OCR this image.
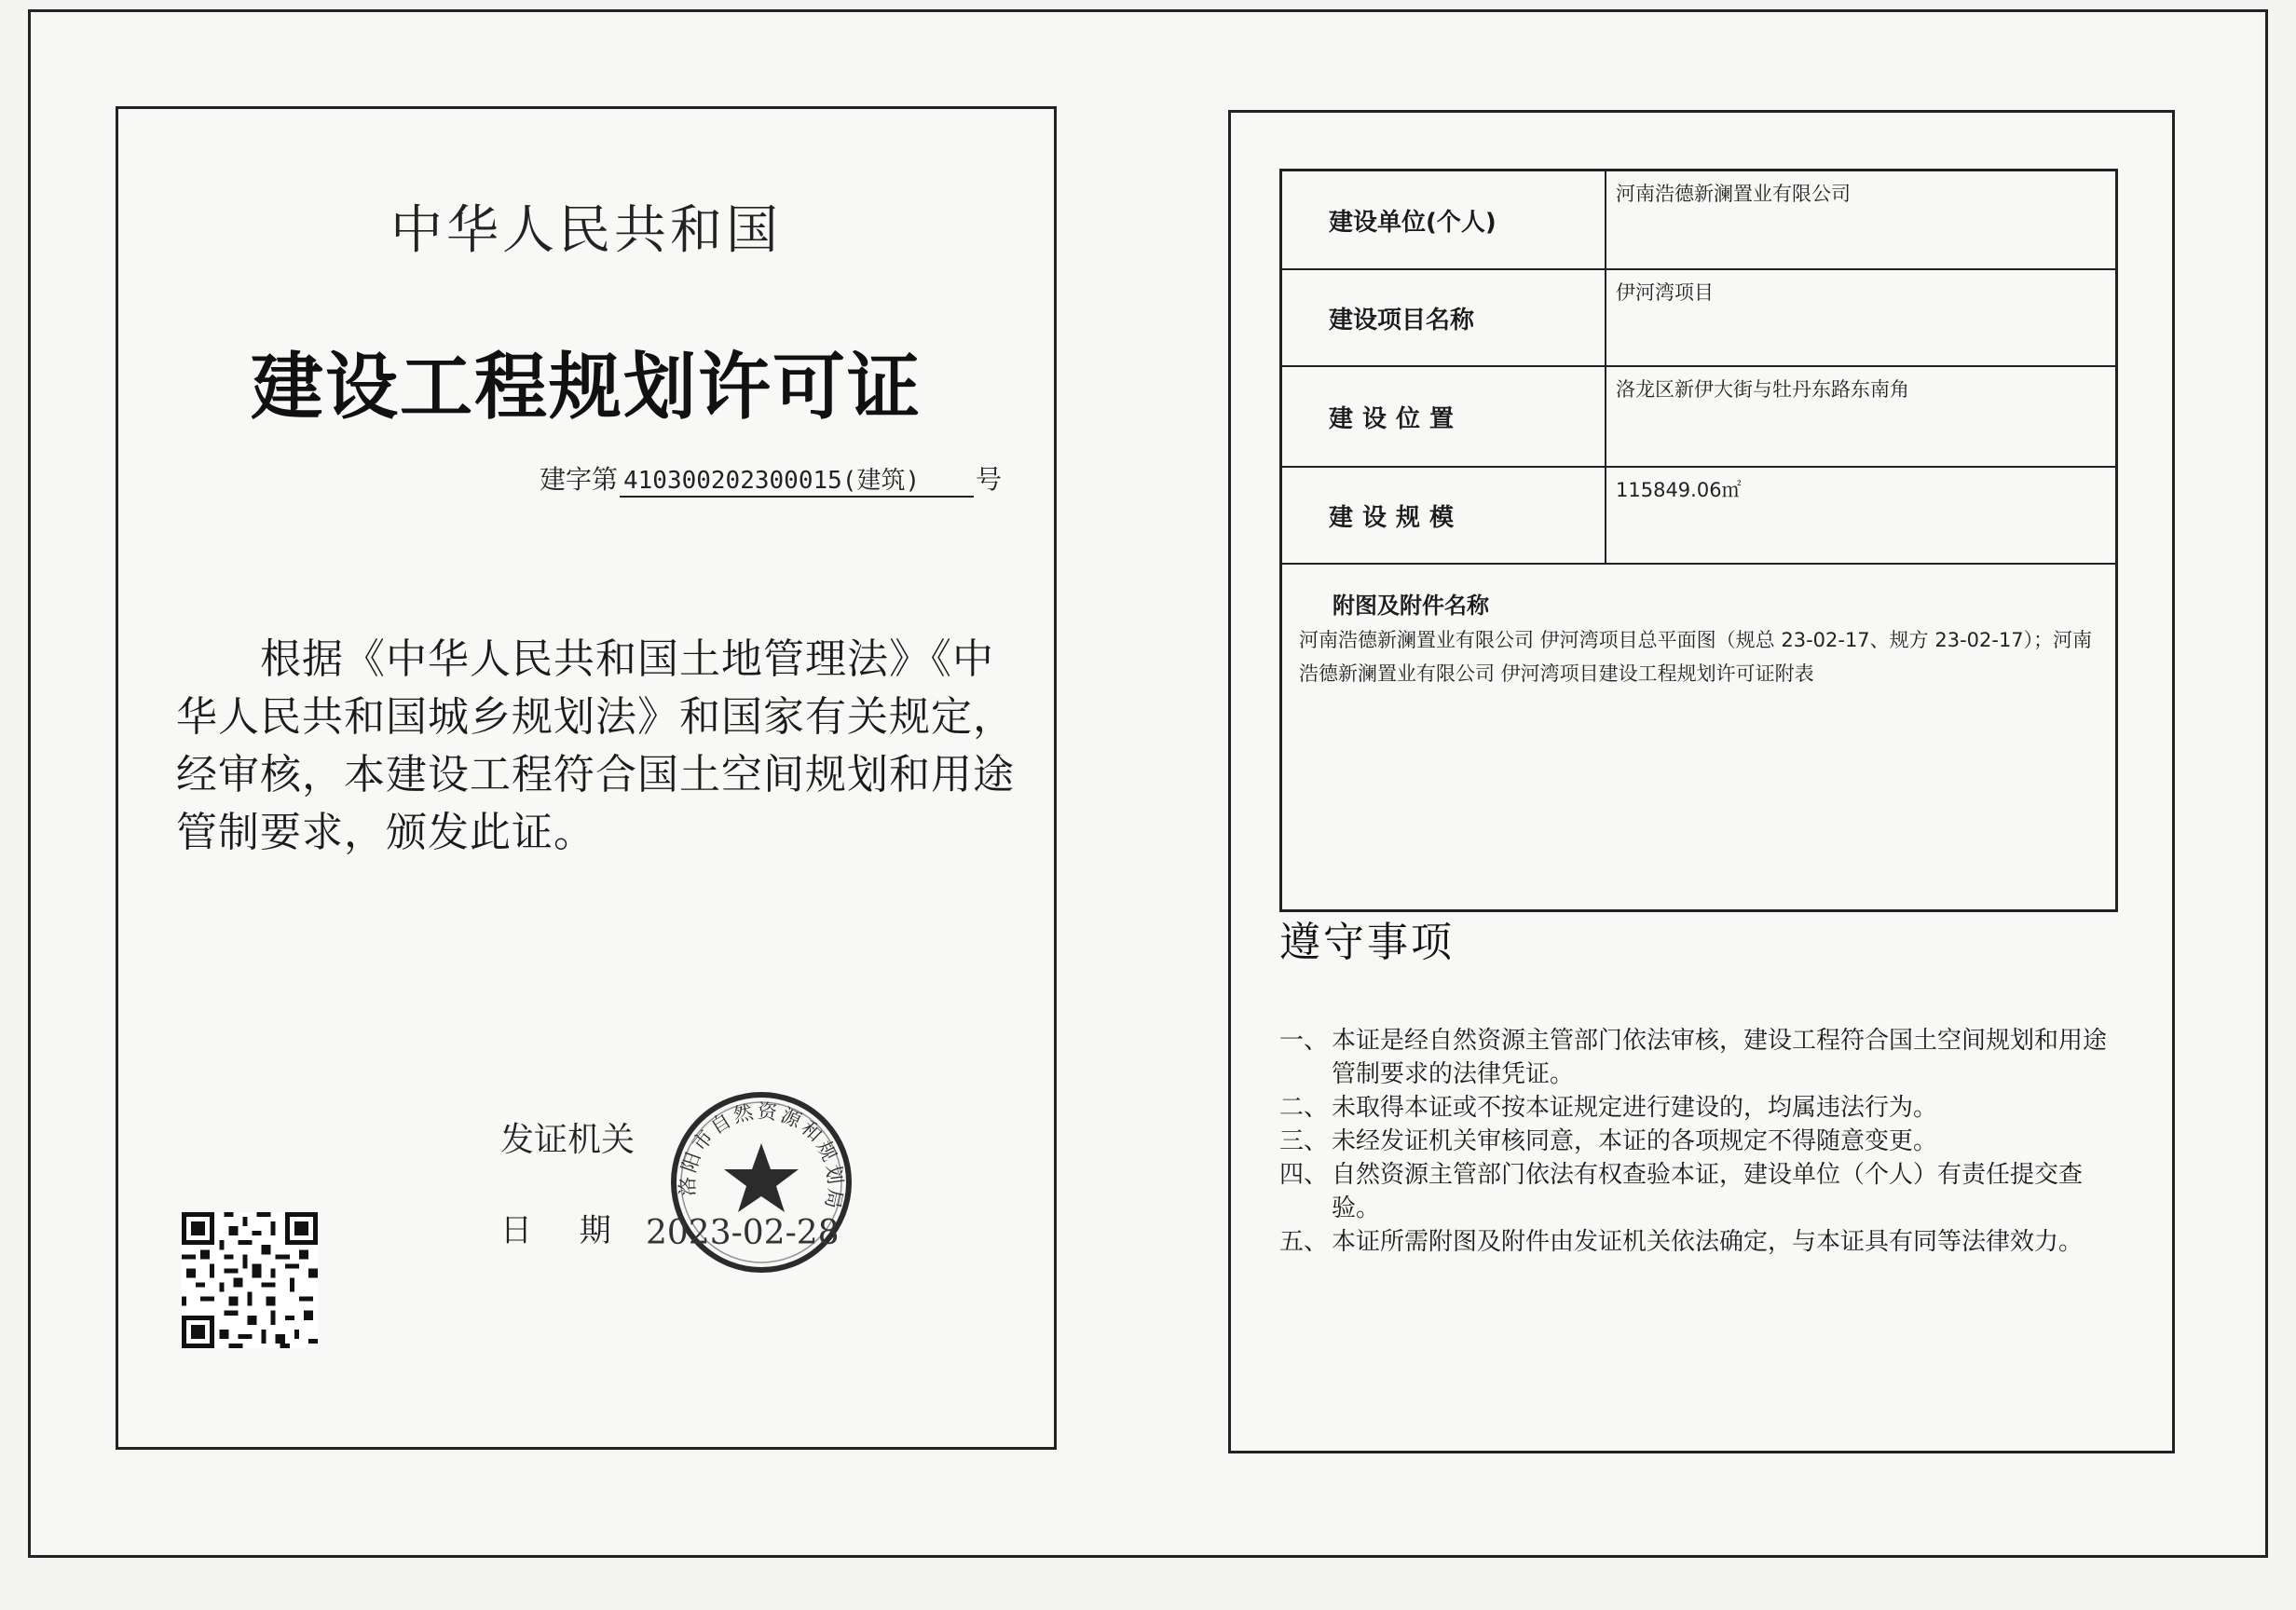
中华人民共和国
建设工程规划许可证
建字第 410300202300015(建筑)	号
根据《中华人民共和国土地管理法》《中华人民共和国城乡规划法》和国家有关规定，经审核，本建设工程符合国土空间规划和用途管制要求，颁发此证。
发证机关
日 期 2023-02-28
洛阳市自然资源和规划局
建设单位(个人)	河南浩德新澜置业有限公司
建设项目名称	伊河湾项目
建设位置	洛龙区新伊大街与牡丹东路东南角
建设规模	115849.06㎡

附图及附件名称
河南浩德新澜置业有限公司 伊河湾项目总平面图（规总 23-02-17、规方 23-02-17）；河南浩德新澜置业有限公司 伊河湾项目建设工程规划许可证附表	
遵守事项
一、 本证是经自然资源主管部门依法审核，建设工程符合国土空间规划和用途管制要求的法律凭证。
二、 未取得本证或不按本证规定进行建设的，均属违法行为。
三、 未经发证机关审核同意，本证的各项规定不得随意变更。
四、 自然资源主管部门依法有权查验本证，建设单位（个人）有责任提交查验。
五、 本证所需附图及附件由发证机关依法确定，与本证具有同等法律效力。
